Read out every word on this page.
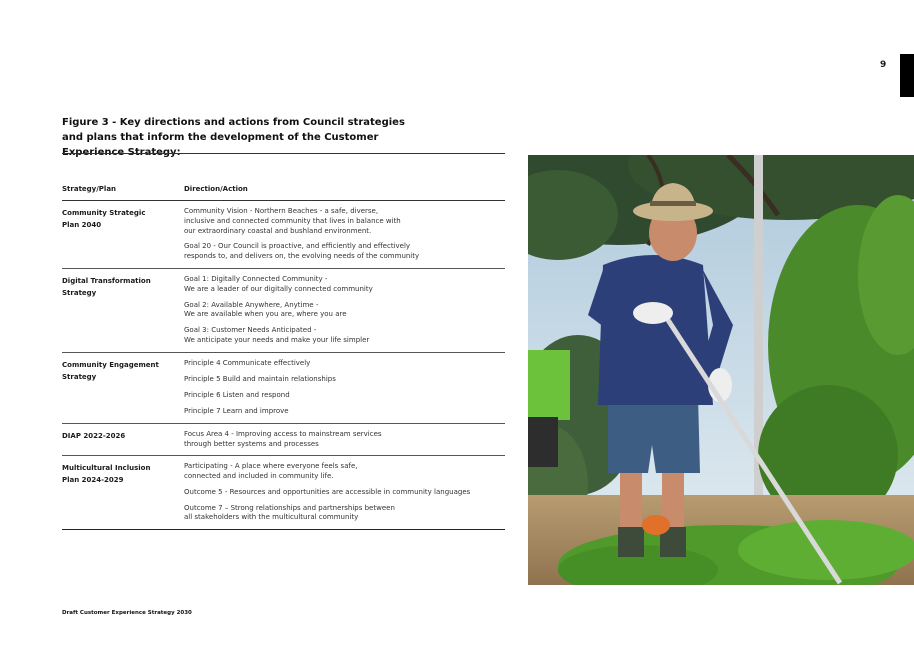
9
Figure 3 - Key directions and actions from Council strategies and plans that inform the development of the Customer
Strategy/Plan	Direction/Action
Community Strategic
Plan 2040
Community Vision - Northern Beaches - a safe, diverse,
inclusive and connected community that lives in balance with
our extraordinary coastal and bushland environment.
Goal 20 - Our Council is proactive, and efficiently and effectively
responds to, and delivers on, the evolving needs of the community
Digital Transformation
Strategy
Goal 1: Digitally Connected Community -
We are a leader of our digitally connected community
Goal 2: Available Anywhere, Anytime -
We are available when you are, where you are
Goal 3: Customer Needs Anticipated -
We anticipate your needs and make your life simpler
Community Engagement
Strategy
Principle 4 Communicate effectively
Principle 5 Build and maintain relationships
Principle 6 Listen and respond
Principle 7 Learn and improve
DIAP 2022-2026	Focus Area 4 - Improving access to mainstream services
through better systems and processes
Multicultural Inclusion
Plan 2024-2029
Participating - A place where everyone feels safe,
connected and included in community life.
Outcome 5 - Resources and opportunities are accessible in community languages
Outcome 7 – Strong relationships and partnerships between
all stakeholders with the multicultural community
Draft Customer Experience Strategy 2030
